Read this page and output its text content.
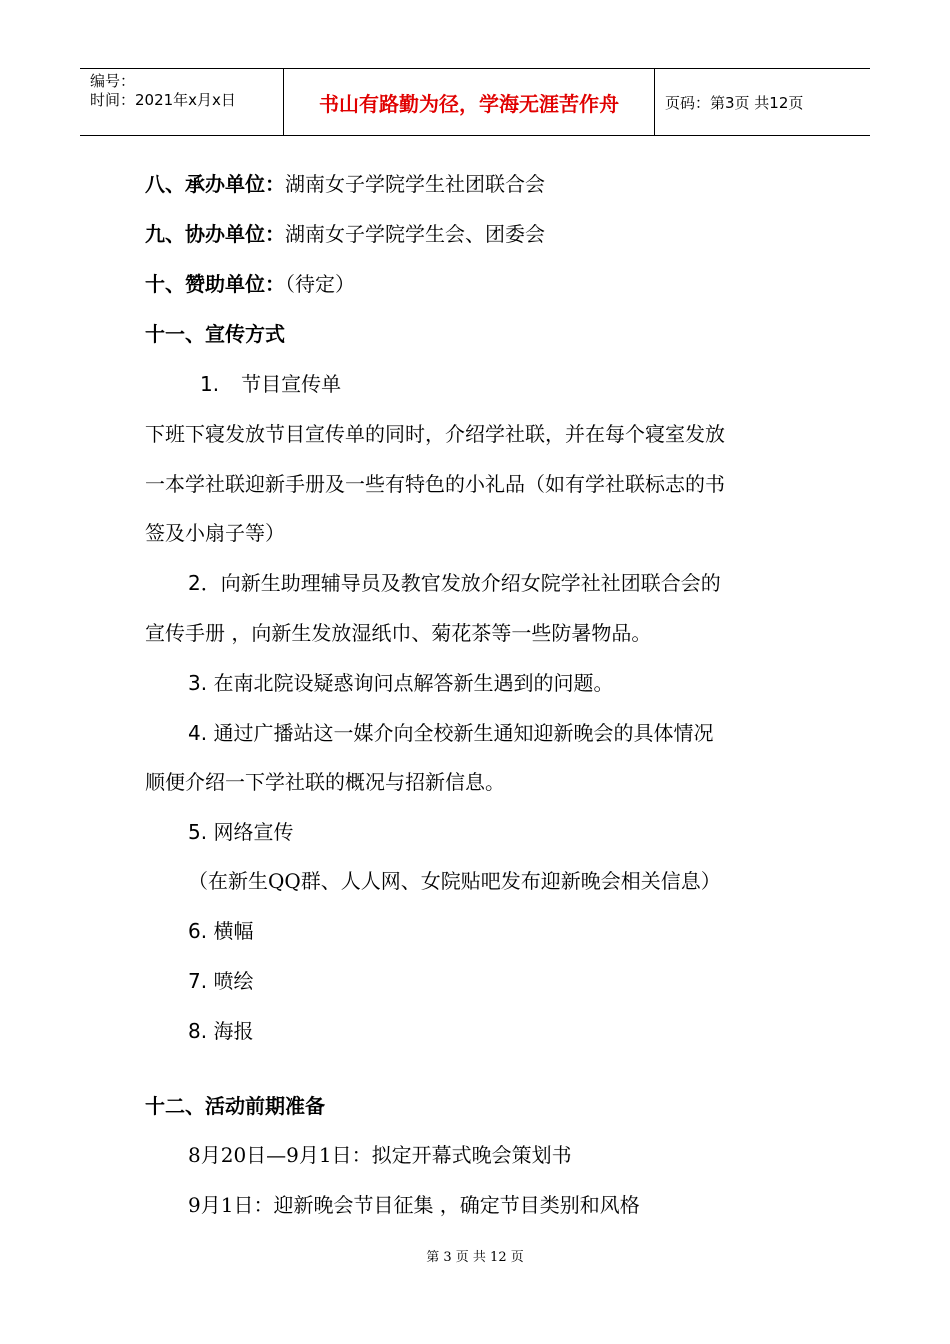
编号：
时间：2021年x月x日	书山有路勤为径，学海无涯苦作舟	页码：第3页 共12页
八、承办单位：湖南女子学院学生社团联合会
九、协办单位：湖南女子学院学生会、团委会
十、赞助单位：（待定）
十一、宣传方式
1. 节目宣传单
下班下寝发放节目宣传单的同时，介绍学社联，并在每个寝室发放
一本学社联迎新手册及一些有特色的小礼品（如有学社联标志的书
签及小扇子等）
2．向新生助理辅导员及教官发放介绍女院学社社团联合会的
宣传手册 ，向新生发放湿纸巾、菊花茶等一些防暑物品。
3. 在南北院设疑惑询问点解答新生遇到的问题。
4. 通过广播站这一媒介向全校新生通知迎新晚会的具体情况
顺便介绍一下学社联的概况与招新信息。
5. 网络宣传
（在新生QQ群、人人网、女院贴吧发布迎新晚会相关信息）
6. 横幅
7. 喷绘
8. 海报
十二、活动前期准备
8月20日—9月1日：拟定开幕式晚会策划书
9月1日：迎新晚会节目征集 ，确定节目类别和风格
第 3 页 共 12 页
